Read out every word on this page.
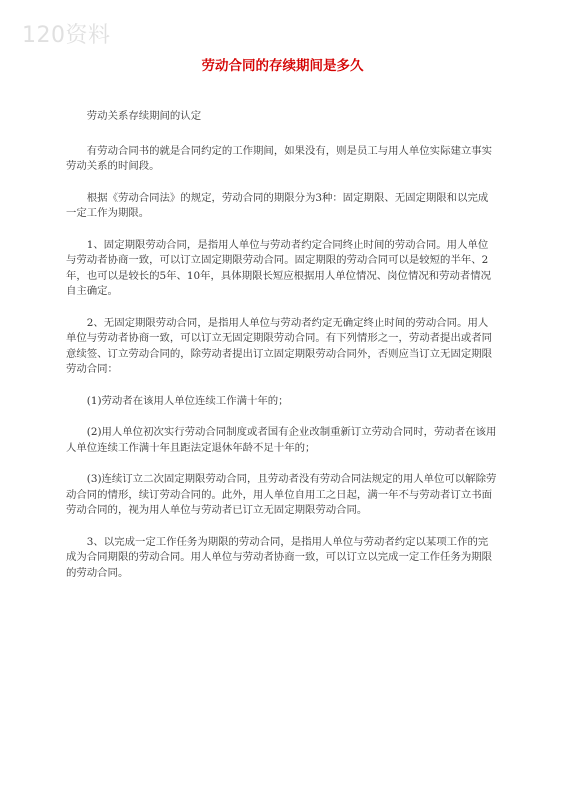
120资料
劳动合同的存续期间是多久

劳动关系存续期间的认定

有劳动合同书的就是合同约定的工作期间，如果没有，则是员工与用人单位实际建立事实劳动关系的时间段。

根据《劳动合同法》的规定，劳动合同的期限分为3种：固定期限、无固定期限和以完成一定工作为期限。

1、固定期限劳动合同，是指用人单位与劳动者约定合同终止时间的劳动合同。用人单位与劳动者协商一致，可以订立固定期限劳动合同。固定期限的劳动合同可以是较短的半年、2年，也可以是较长的5年、10年，具体期限长短应根据用人单位情况、岗位情况和劳动者情况自主确定。

2、无固定期限劳动合同，是指用人单位与劳动者约定无确定终止时间的劳动合同。用人单位与劳动者协商一致，可以订立无固定期限劳动合同。有下列情形之一，劳动者提出或者同意续签、订立劳动合同的，除劳动者提出订立固定期限劳动合同外，否则应当订立无固定期限劳动合同：

(1)劳动者在该用人单位连续工作满十年的；

(2)用人单位初次实行劳动合同制度或者国有企业改制重新订立劳动合同时，劳动者在该用人单位连续工作满十年且距法定退休年龄不足十年的；

(3)连续订立二次固定期限劳动合同，且劳动者没有劳动合同法规定的用人单位可以解除劳动合同的情形，续订劳动合同的。此外，用人单位自用工之日起，满一年不与劳动者订立书面劳动合同的，视为用人单位与劳动者已订立无固定期限劳动合同。

3、以完成一定工作任务为期限的劳动合同，是指用人单位与劳动者约定以某项工作的完成为合同期限的劳动合同。用人单位与劳动者协商一致，可以订立以完成一定工作任务为期限的劳动合同。
